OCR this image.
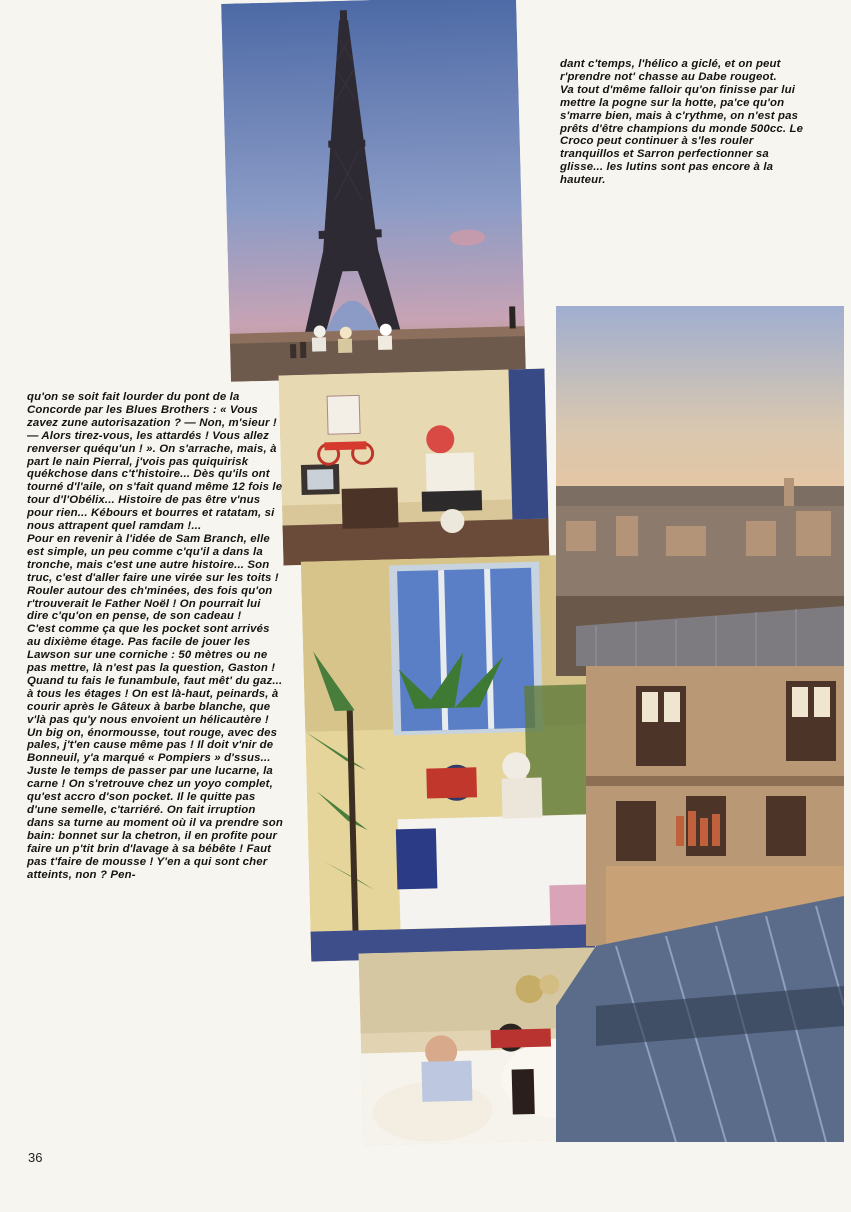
dant c'temps, l'hélico a giclé, et on peut r'prendre not' chasse au Dabe rougeot.

Va tout d'même falloir qu'on finisse par lui mettre la pogne sur la hotte, pa'ce qu'on s'marre bien, mais à c'rythme, on n'est pas prêts d'être champions du monde 500cc. Le Croco peut continuer à s'les rouler tranquillos et Sarron perfectionner sa glisse... les lutins sont pas encore à la hauteur.

qu'on se soit fait lourder du pont de la Concorde par les Blues Brothers : « Vous zavez zune autorisazation ? — Non, m'sieur ! — Alors tirez-vous, les attardés ! Vous allez renverser quéqu'un ! ». On s'arrache, mais, à part le nain Pierral, j'vois pas quiquirisk quékchose dans c't'histoire... Dès qu'ils ont tourné d'l'aile, on s'fait quand même 12 fois le tour d'l'Obélix... Histoire de pas être v'nus pour rien... Kébours et bourres et ratatam, si nous attrapent quel ramdam !...

Pour en revenir à l'idée de Sam Branch, elle est simple, un peu comme c'qu'il a dans la tronche, mais c'est une autre histoire... Son truc, c'est d'aller faire une virée sur les toits ! Rouler autour des ch'minées, des fois qu'on r'trouverait le Father Noël ! On pourrait lui dire c'qu'on en pense, de son cadeau !

C'est comme ça que les pocket sont arrivés au dixième étage. Pas facile de jouer les Lawson sur une corniche : 50 mètres ou ne pas mettre, là n'est pas la question, Gaston ! Quand tu fais le funambule, faut mêt' du gaz... à tous les étages ! On est là-haut, peinards, à courir après le Gâteux à barbe blanche, que v'là pas qu'y nous envoient un hélicautère ! Un big on, énormousse, tout rouge, avec des pales, j't'en cause même pas ! Il doit v'nir de Bonneuil, y'a marqué « Pompiers » d'ssus...

Juste le temps de passer par une lucarne, la carne ! On s'retrouve chez un yoyo complet, qu'est accro d'son pocket. Il le quitte pas d'une semelle, c'tarriéré. On fait irruption dans sa turne au moment où il va prendre son bain: bonnet sur la chetron, il en profite pour faire un p'tit brin d'lavage à sa bébête ! Faut pas t'faire de mousse ! Y'en a qui sont cher atteints, non ? Pen-

36
